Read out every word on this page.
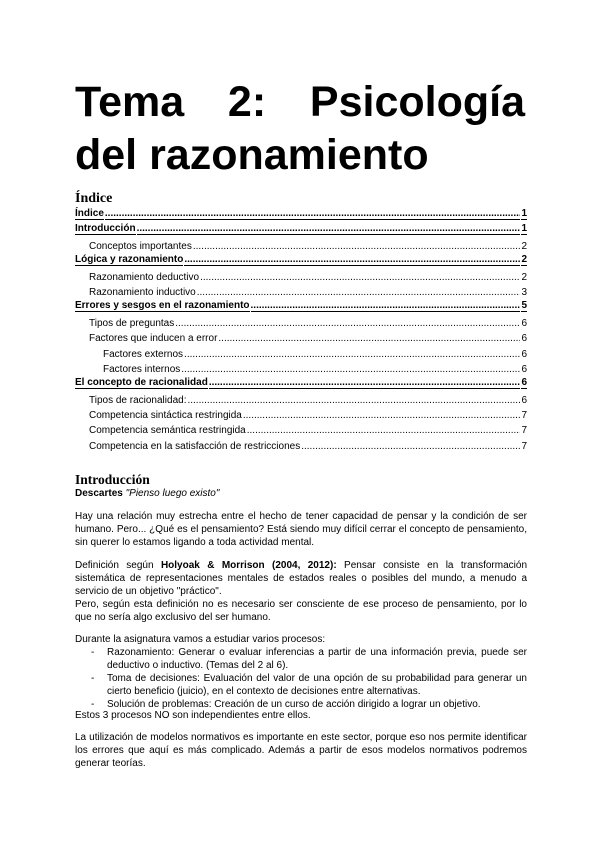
Tema 2: Psicología
del razonamiento
Índice
Índice .....	1
Introducción .....	1
Conceptos importantes .....	2
Lógica y razonamiento .....	2
Razonamiento deductivo .....	2
Razonamiento inductivo .....	3
Errores y sesgos en el razonamiento .....	5
Tipos de preguntas .....	6
Factores que inducen a error .....	6
Factores externos .....	6
Factores internos .....	6
El concepto de racionalidad .....	6
Tipos de racionalidad: .....	6
Competencia sintáctica restringida .....	7
Competencia semántica restringida .....	7
Competencia en la satisfacción de restricciones .....	7
Introducción
Descartes "Pienso luego existo"

Hay una relación muy estrecha entre el hecho de tener capacidad de pensar y la condición de ser humano. Pero... ¿Qué es el pensamiento? Está siendo muy difícil cerrar el concepto de pensamiento, sin querer lo estamos ligando a toda actividad mental.

Definición según Holyoak & Morrison (2004, 2012): Pensar consiste en la transformación sistemática de representaciones mentales de estados reales o posibles del mundo, a menudo a servicio de un objetivo "práctico".

Pero, según esta definición no es necesario ser consciente de ese proceso de pensamiento, por lo que no sería algo exclusivo del ser humano.

Durante la asignatura vamos a estudiar varios procesos:

- Razonamiento: Generar o evaluar inferencias a partir de una información previa, puede ser deductivo o inductivo. (Temas del 2 al 6).
- Toma de decisiones: Evaluación del valor de una opción de su probabilidad para generar un cierto beneficio (juicio), en el contexto de decisiones entre alternativas.
- Solución de problemas: Creación de un curso de acción dirigido a lograr un objetivo.

Estos 3 procesos NO son independientes entre ellos.

La utilización de modelos normativos es importante en este sector, porque eso nos permite identificar los errores que aquí es más complicado. Además a partir de esos modelos normativos podremos generar teorías.
